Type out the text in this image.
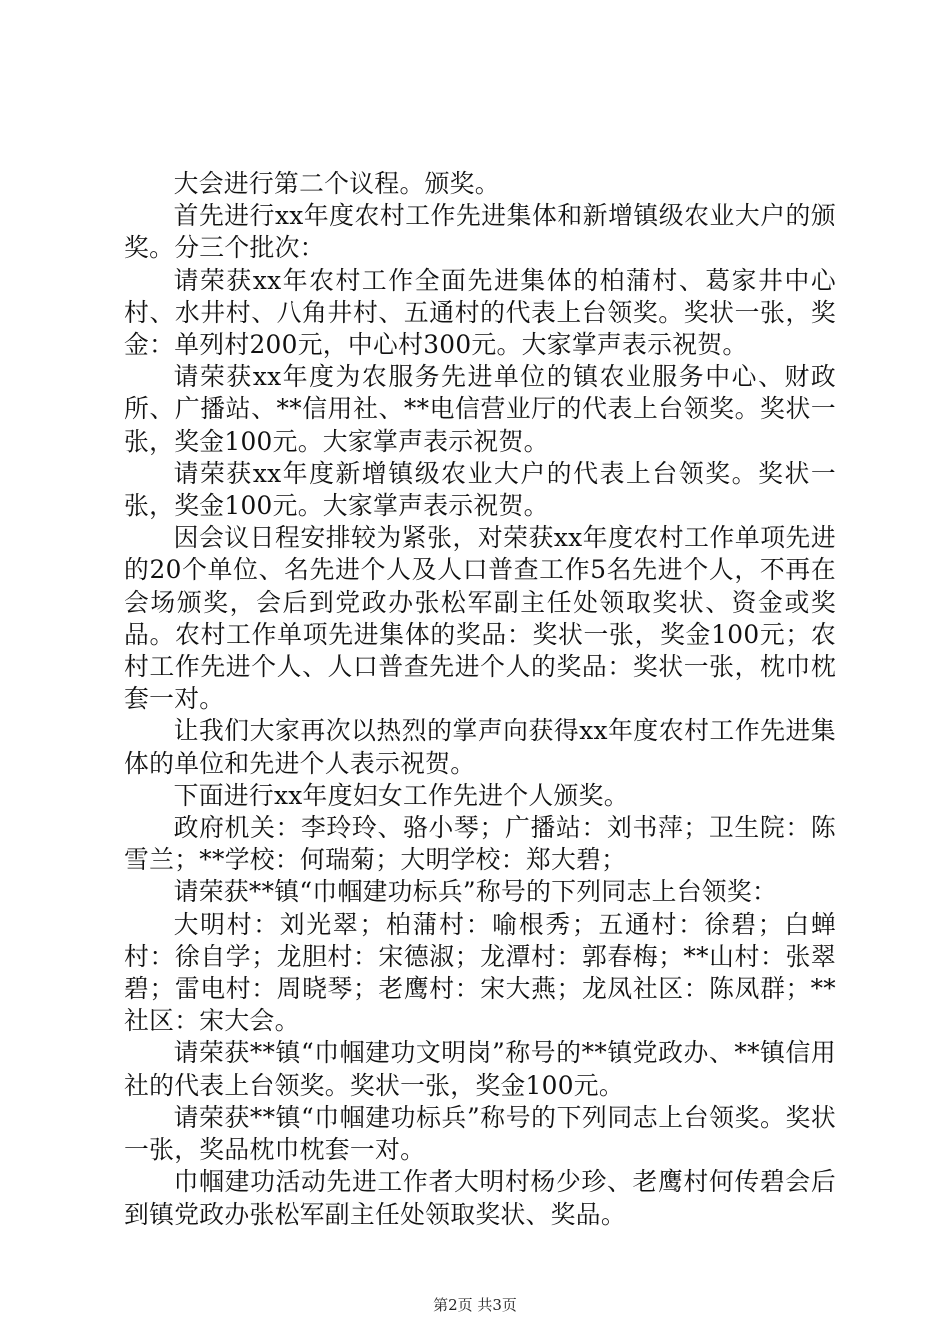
大会进行第二个议程。颁奖。

首先进行xx年度农村工作先进集体和新增镇级农业大户的颁奖。分三个批次：

请荣获xx年农村工作全面先进集体的柏蒲村、葛家井中心村、水井村、八角井村、五通村的代表上台领奖。奖状一张，奖金：单列村200元，中心村300元。大家掌声表示祝贺。

请荣获xx年度为农服务先进单位的镇农业服务中心、财政所、广播站、**信用社、**电信营业厅的代表上台领奖。奖状一张，奖金100元。大家掌声表示祝贺。

请荣获xx年度新增镇级农业大户的代表上台领奖。奖状一张，奖金100元。大家掌声表示祝贺。

因会议日程安排较为紧张，对荣获xx年度农村工作单项先进的20个单位、名先进个人及人口普查工作5名先进个人，不再在会场颁奖，会后到党政办张松军副主任处领取奖状、资金或奖品。农村工作单项先进集体的奖品：奖状一张，奖金100元；农村工作先进个人、人口普查先进个人的奖品：奖状一张，枕巾枕套一对。

让我们大家再次以热烈的掌声向获得xx年度农村工作先进集体的单位和先进个人表示祝贺。

下面进行xx年度妇女工作先进个人颁奖。

政府机关：李玲玲、骆小琴；广播站：刘书萍；卫生院：陈雪兰；**学校：何瑞菊；大明学校：郑大碧；

请荣获**镇“巾帼建功标兵”称号的下列同志上台领奖：

大明村：刘光翠；柏蒲村：喻根秀；五通村：徐碧；白蝉村：徐自学；龙胆村：宋德淑；龙潭村：郭春梅；**山村：张翠碧；雷电村：周晓琴；老鹰村：宋大燕；龙凤社区：陈凤群；**社区：宋大会。

请荣获**镇“巾帼建功文明岗”称号的**镇党政办、**镇信用社的代表上台领奖。奖状一张，奖金100元。

请荣获**镇“巾帼建功标兵”称号的下列同志上台领奖。奖状一张，奖品枕巾枕套一对。

巾帼建功活动先进工作者大明村杨少珍、老鹰村何传碧会后到镇党政办张松军副主任处领取奖状、奖品。

第2页 共3页
